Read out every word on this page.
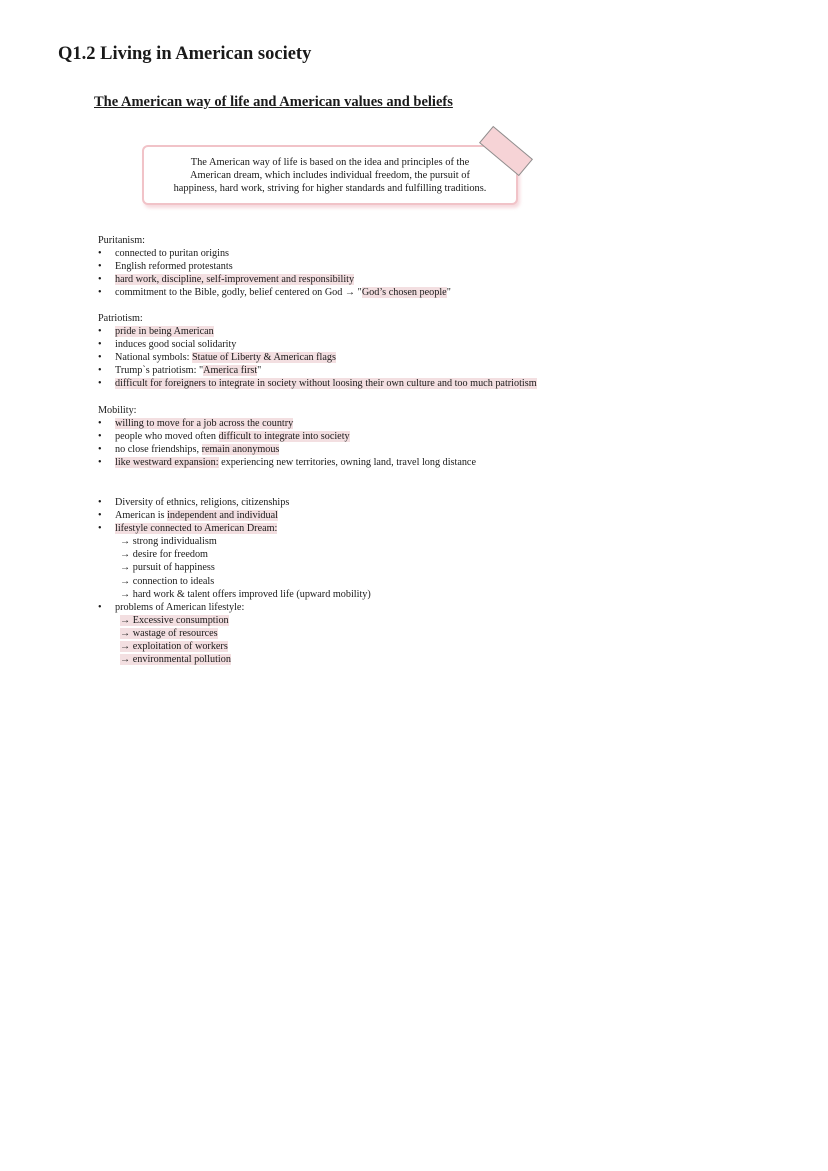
Q1.2 Living in American society
The American way of life and American values and beliefs

The American way of life is based on the idea and principles of the
American dream, which includes individual freedom, the pursuit of
happiness, hard work, striving for higher standards and fulfilling traditions.

Puritanism:
• connected to puritan origins
• English reformed protestants
• hard work, discipline, self-improvement and responsibility
• commitment to the Bible, godly, belief centered on God → "God’s chosen people"
Patriotism:
• pride in being American
• induces good social solidarity
• National symbols: Statue of Liberty & American flags
• Trump`s patriotism: "America first"
• difficult for foreigners to integrate in society without loosing their own culture and too much patriotism
Mobility:
• willing to move for a job across the country
• people who moved often difficult to integrate into society
• no close friendships, remain anonymous
• like westward expansion: experiencing new territories, owning land, travel long distance
• Diversity of ethnics, religions, citizenships
• American is independent and individual
• lifestyle connected to American Dream:
→ strong individualism
→ desire for freedom
→ pursuit of happiness
→ connection to ideals
→ hard work & talent offers improved life (upward mobility)
• problems of American lifestyle:
→ Excessive consumption
→ wastage of resources
→ exploitation of workers
→ environmental pollution
